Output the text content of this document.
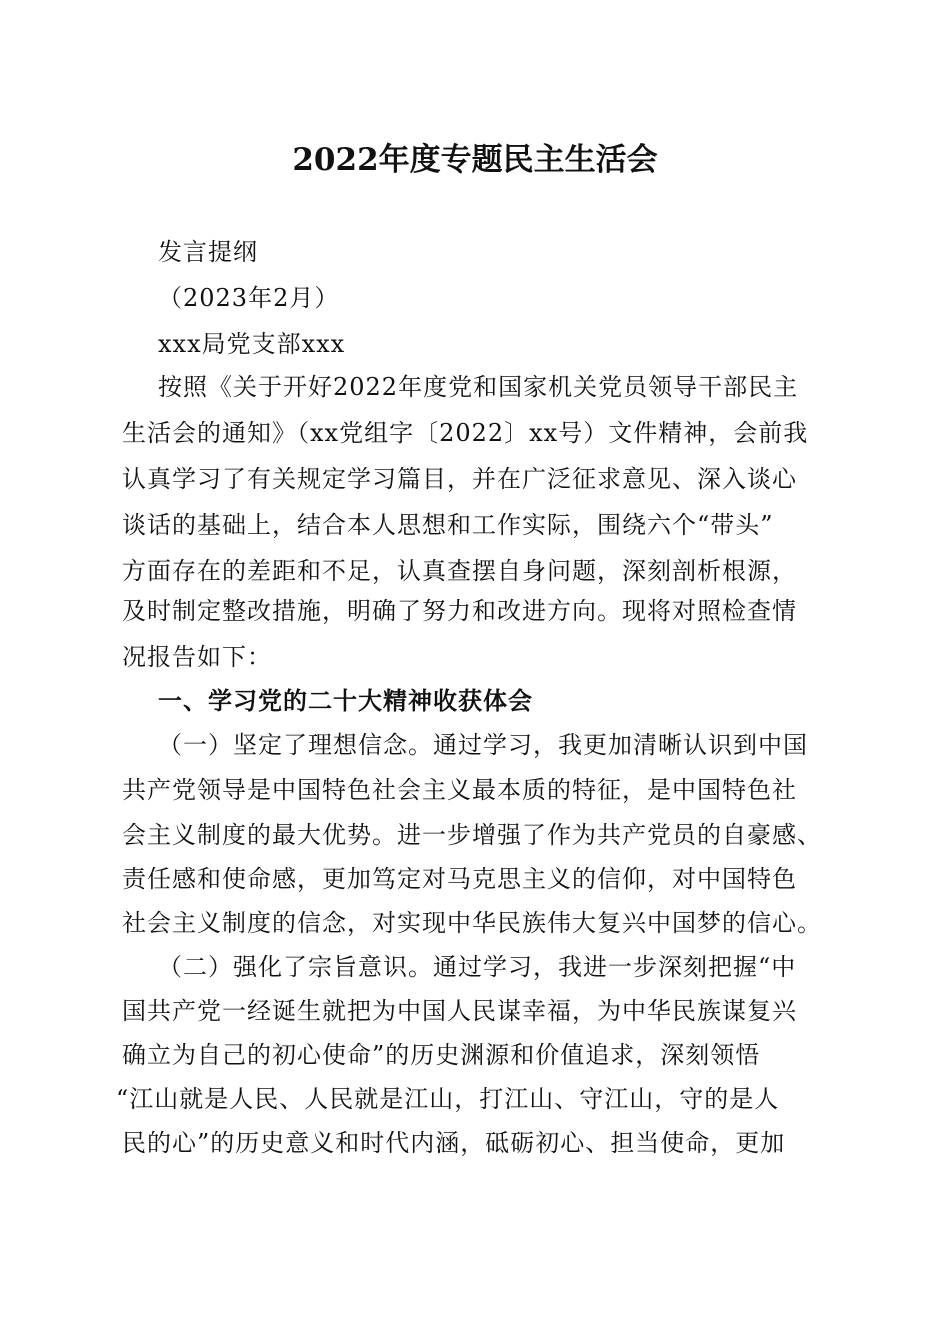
2022年度专题民主生活会
发言提纲
（2023年2月）
xxx局党支部xxx
按照《关于开好2022年度党和国家机关党员领导干部民主
生活会的通知》（xx党组字〔2022〕xx号）文件精神，会前我
认真学习了有关规定学习篇目，并在广泛征求意见、深入谈心
谈话的基础上，结合本人思想和工作实际，围绕六个“带头”
方面存在的差距和不足，认真查摆自身问题，深刻剖析根源，
及时制定整改措施，明确了努力和改进方向。现将对照检查情
况报告如下：
一、学习党的二十大精神收获体会
（一）坚定了理想信念。通过学习，我更加清晰认识到中国
共产党领导是中国特色社会主义最本质的特征，是中国特色社
会主义制度的最大优势。进一步增强了作为共产党员的自豪感、
责任感和使命感，更加笃定对马克思主义的信仰，对中国特色
社会主义制度的信念，对实现中华民族伟大复兴中国梦的信心。
（二）强化了宗旨意识。通过学习，我进一步深刻把握“中
国共产党一经诞生就把为中国人民谋幸福，为中华民族谋复兴
确立为自己的初心使命”的历史渊源和价值追求，深刻领悟
“江山就是人民、人民就是江山，打江山、守江山，守的是人
民的心”的历史意义和时代内涵，砥砺初心、担当使命，更加
